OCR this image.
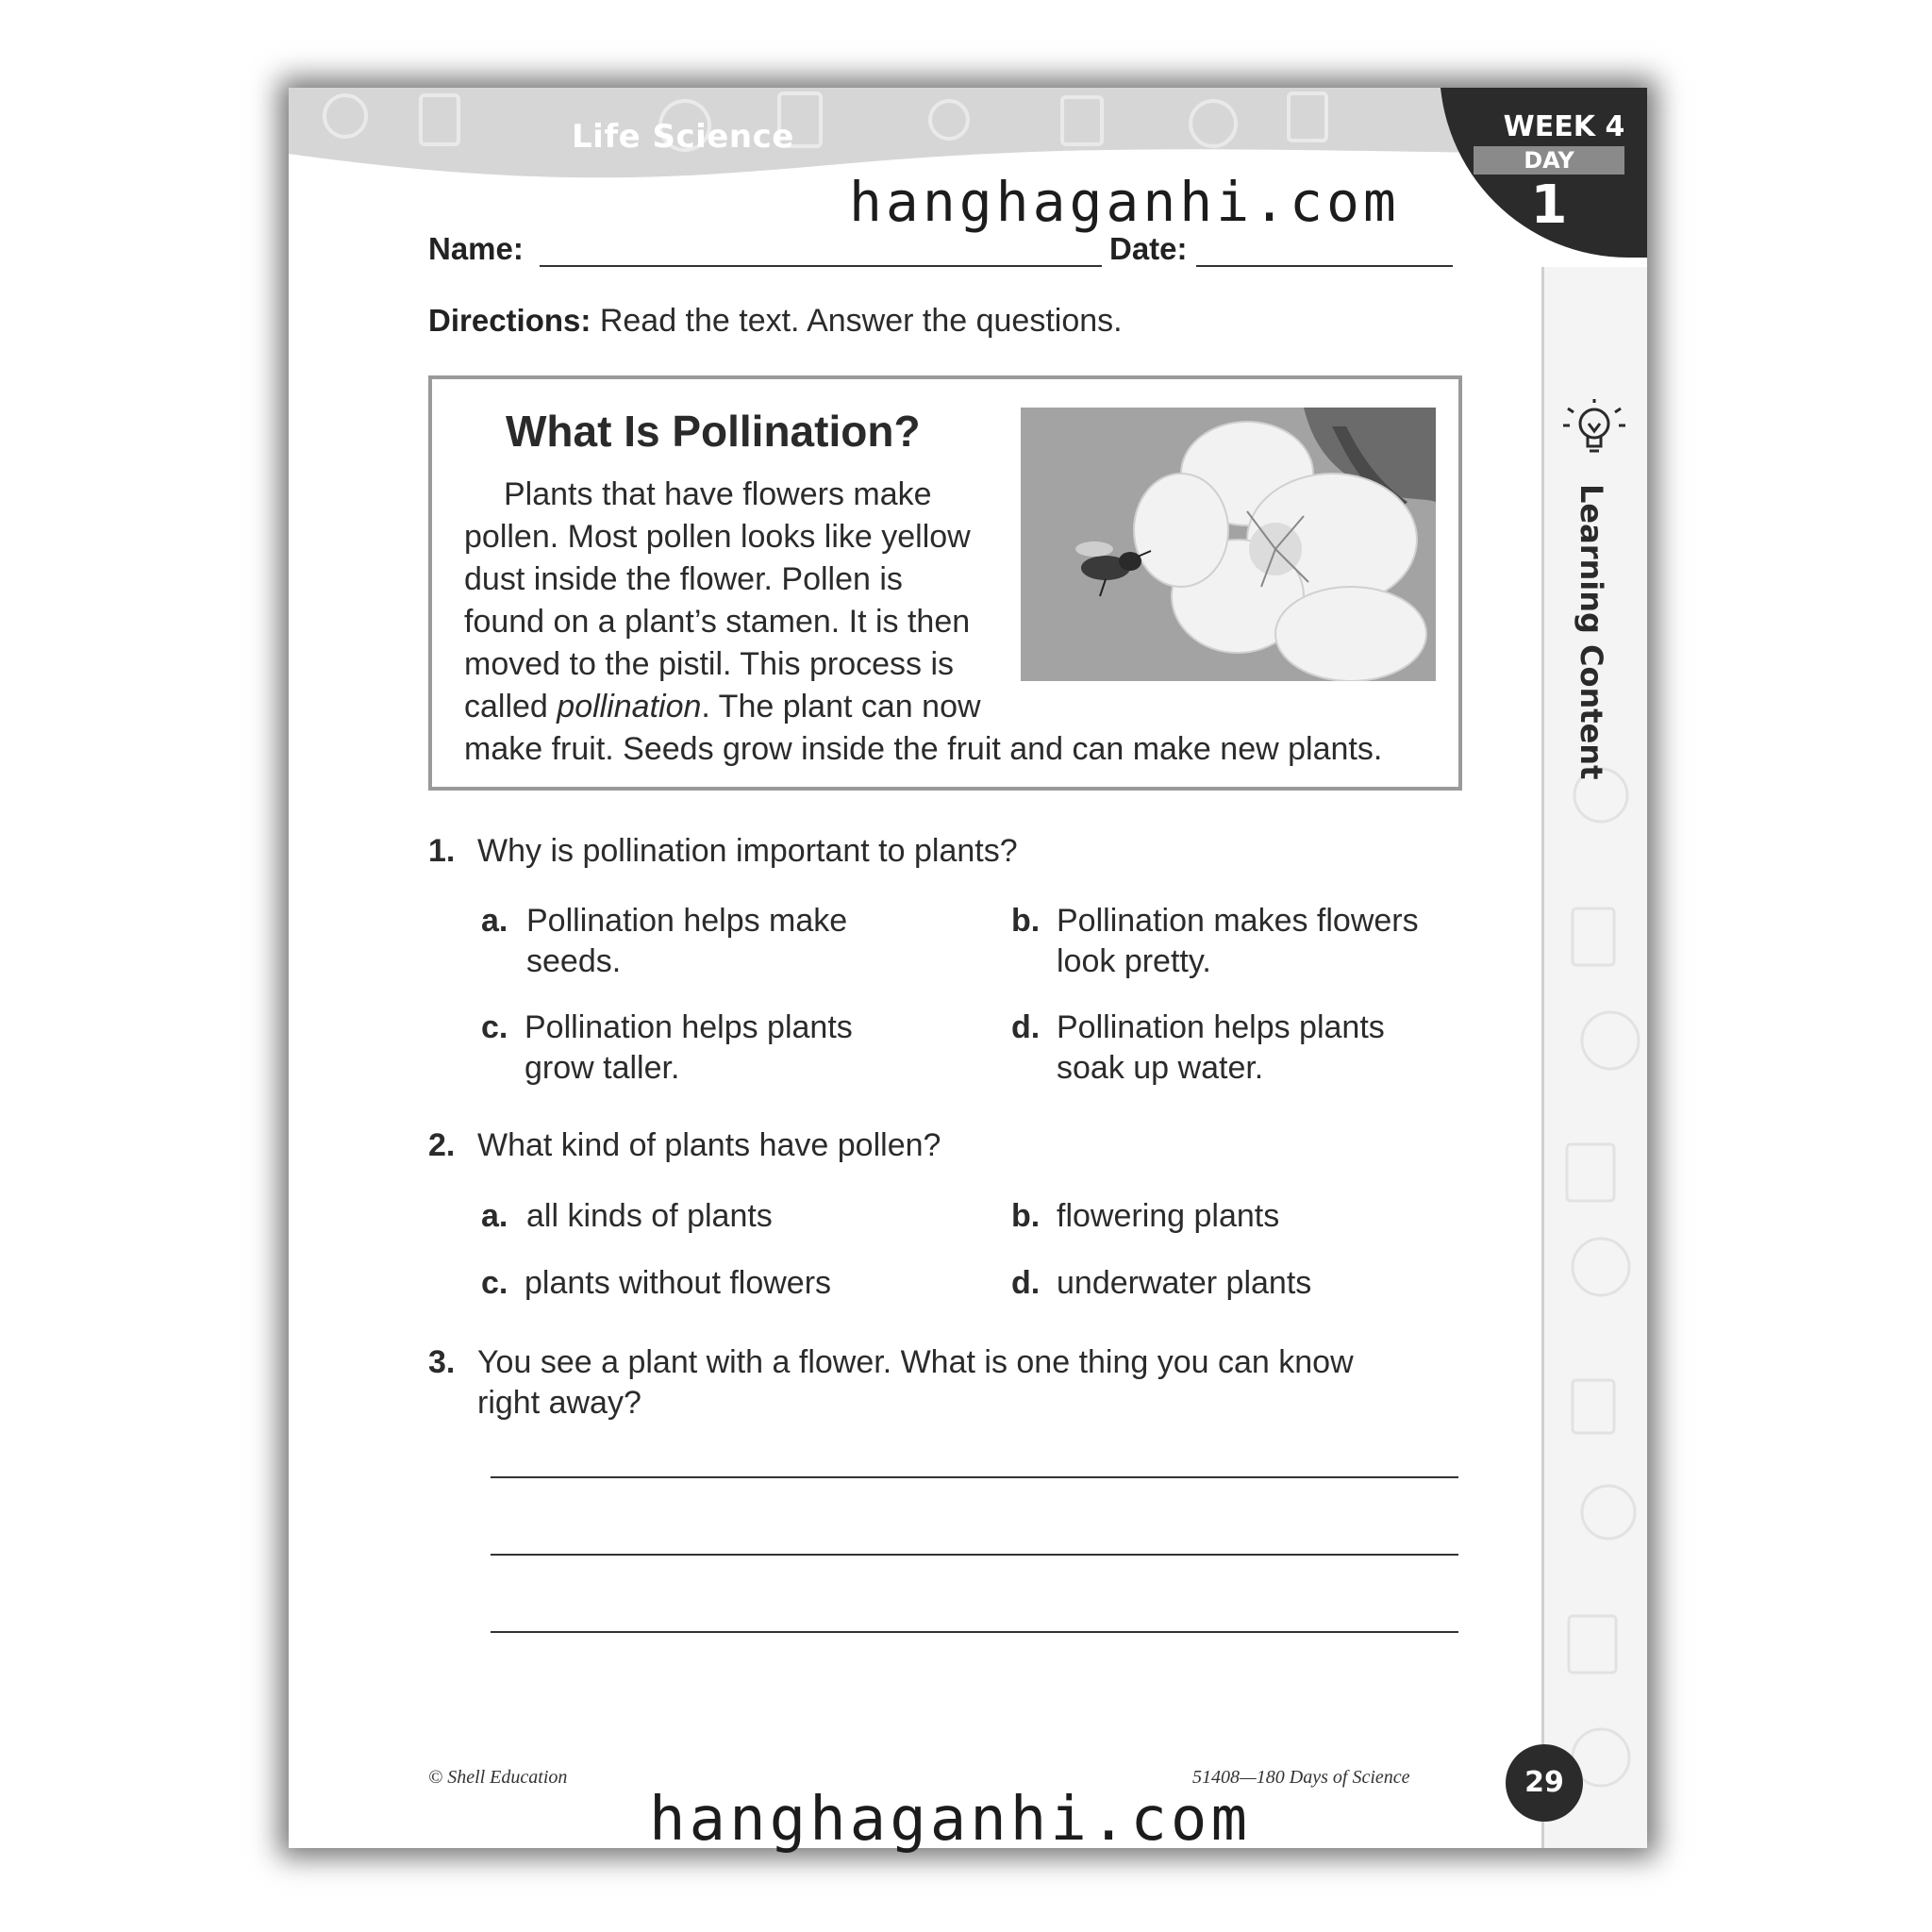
Life Science	WEEK 4
DAY
1
Learning Content
Name:	Date:
Directions: Read the text. Answer the questions.
What Is Pollination?
Plants that have flowers make
pollen. Most pollen looks like yellow
dust inside the flower. Pollen is
found on a plant’s stamen. It is then
moved to the pistil. This process is
called pollination. The plant can now
make fruit. Seeds grow inside the fruit and can make new plants.
1. Why is pollination important to plants?
a. Pollination helps make
seeds.
b. Pollination makes flowers
look pretty.
c. Pollination helps plants
grow taller.
d. Pollination helps plants
soak up water.
2. What kind of plants have pollen?
a. all kinds of plants	b. flowering plants
c. plants without flowers	d. underwater plants
3. You see a plant with a flower. What is one thing you can know
right away?
© Shell Education	51408—180 Days of Science	29
hanghaganhi.com
hanghaganhi.com
